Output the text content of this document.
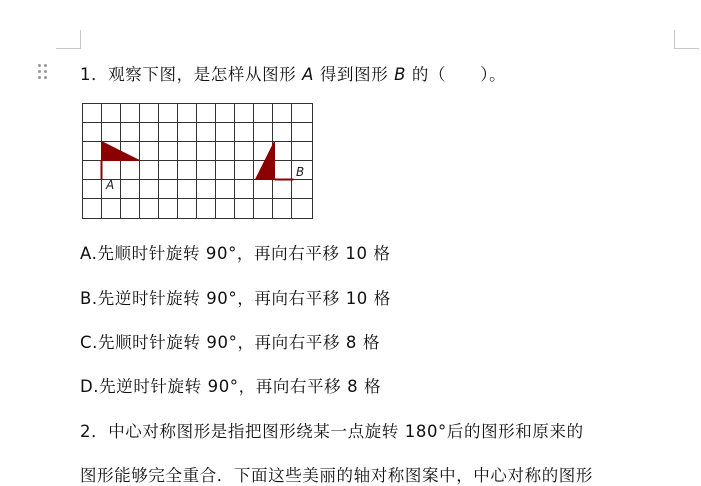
1．观察下图，是怎样从图形 A 得到图形 B 的（　　）。
A
B
A.先顺时针旋转 90°，再向右平移 10 格
B.先逆时针旋转 90°，再向右平移 10 格
C.先顺时针旋转 90°，再向右平移 8 格
D.先逆时针旋转 90°，再向右平移 8 格
2．中心对称图形是指把图形绕某一点旋转 180°后的图形和原来的
图形能够完全重合．下面这些美丽的轴对称图案中，中心对称的图形
